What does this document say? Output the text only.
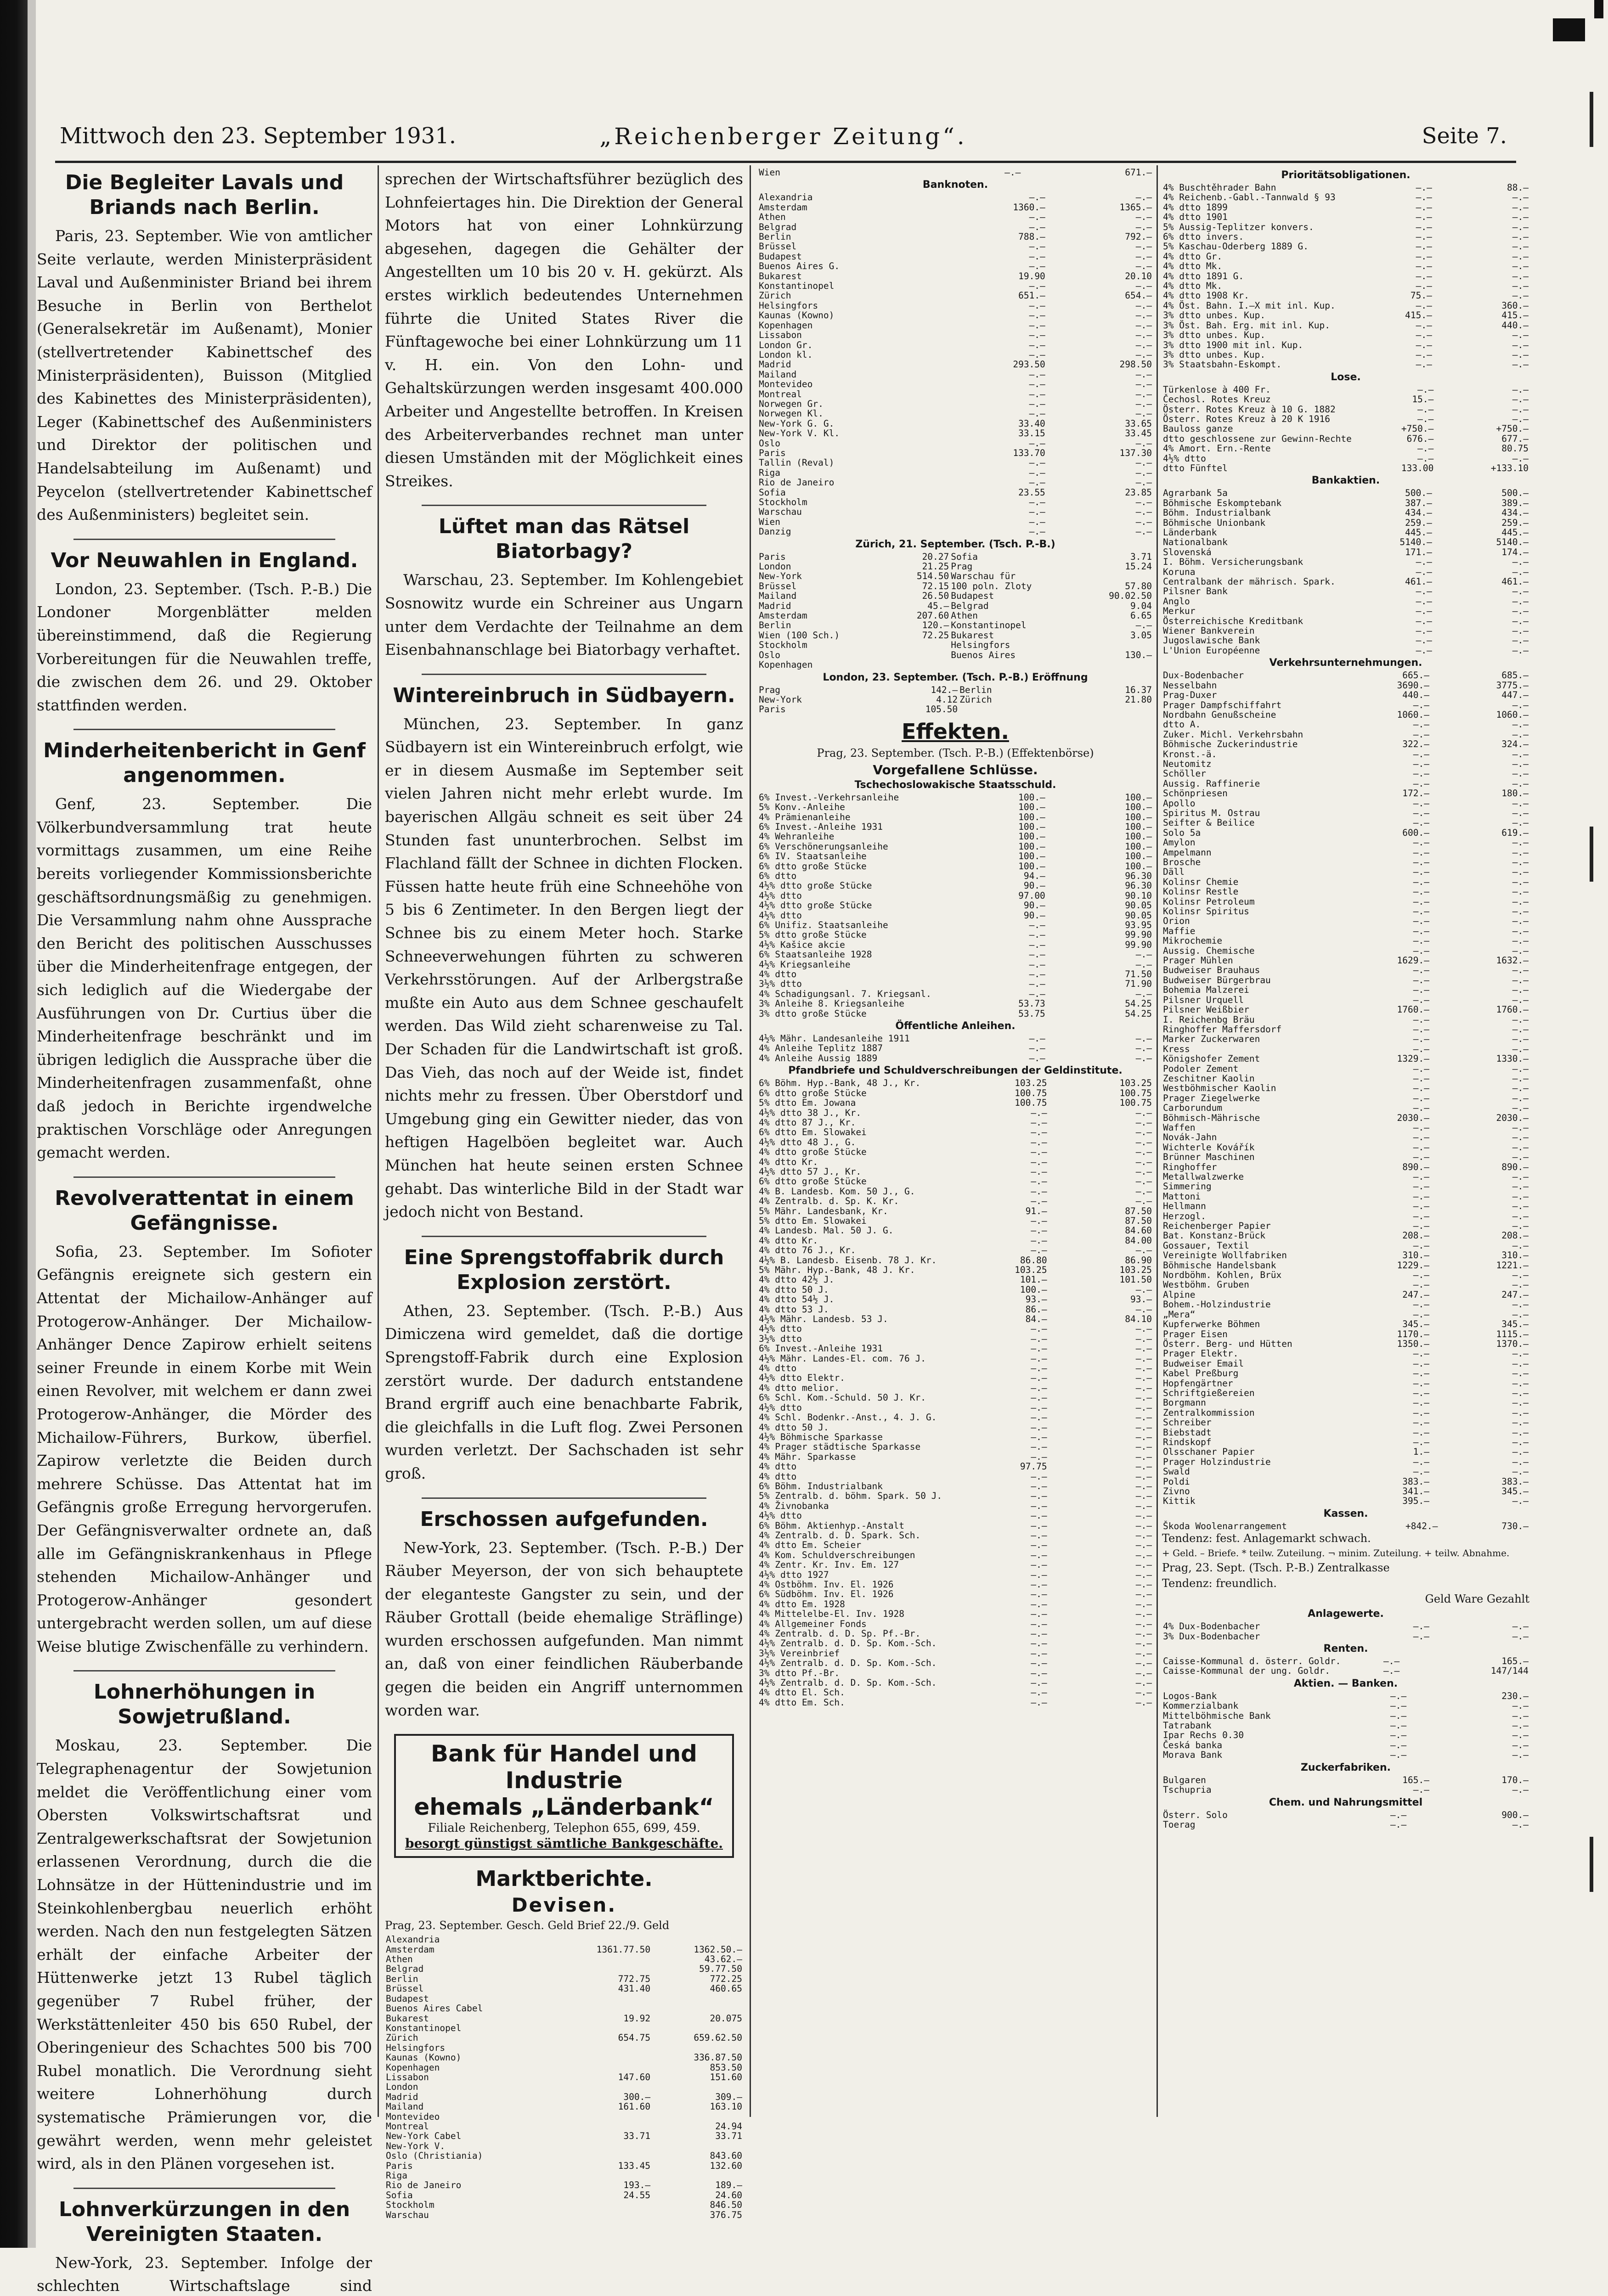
Mittwoch den 23. September 1931.	„Reichenberger Zeitung“.	Seite 7.
Die Begleiter Lavals und Briands nach Berlin.

Paris, 23. September. Wie von amtlicher Seite verlaute, werden Ministerpräsident Laval und Außenminister Briand bei ihrem Besuche in Berlin von Berthelot (Generalsekretär im Außenamt), Monier (stellvertretender Kabinettschef des Ministerpräsidenten), Buisson (Mitglied des Kabinettes des Ministerpräsidenten), Leger (Kabinettschef des Außenministers und Direktor der politischen und Handelsabteilung im Außenamt) und Peycelon (stellvertretender Kabinettschef des Außenministers) begleitet sein.

Vor Neuwahlen in England.

London, 23. September. (Tsch. P.-B.) Die Londoner Morgenblätter melden übereinstimmend, daß die Regierung Vorbereitungen für die Neuwahlen treffe, die zwischen dem 26. und 29. Oktober stattfinden werden.

Minderheitenbericht in Genf angenommen.

Genf, 23. September. Die Völkerbundversammlung trat heute vormittags zusammen, um eine Reihe bereits vorliegender Kommissionsberichte geschäftsordnungsmäßig zu genehmigen. Die Versammlung nahm ohne Aussprache den Bericht des politischen Ausschusses über die Minderheitenfrage entgegen, der sich lediglich auf die Wiedergabe der Ausführungen von Dr. Curtius über die Minderheitenfrage beschränkt und im übrigen lediglich die Aussprache über die Minderheitenfragen zusammenfaßt, ohne daß jedoch in Berichte irgendwelche praktischen Vorschläge oder Anregungen gemacht werden.

Revolverattentat in einem Gefängnisse.

Sofia, 23. September. Im Sofioter Gefängnis ereignete sich gestern ein Attentat der Michailow-Anhänger auf Protogerow-Anhänger. Der Michailow-Anhänger Dence Zapirow erhielt seitens seiner Freunde in einem Korbe mit Wein einen Revolver, mit welchem er dann zwei Protogerow-Anhänger, die Mörder des Michailow-Führers, Burkow, überfiel. Zapirow verletzte die Beiden durch mehrere Schüsse. Das Attentat hat im Gefängnis große Erregung hervorgerufen. Der Gefängnisverwalter ordnete an, daß alle im Gefängniskrankenhaus in Pflege stehenden Michailow-Anhänger und Protogerow-Anhänger gesondert untergebracht werden sollen, um auf diese Weise blutige Zwischenfälle zu verhindern.

Lohnerhöhungen in Sowjetrußland.

Moskau, 23. September. Die Telegraphenagentur der Sowjetunion meldet die Veröffentlichung einer vom Obersten Volkswirtschaftsrat und Zentralgewerkschaftsrat der Sowjetunion erlassenen Verordnung, durch die die Lohnsätze in der Hüttenindustrie und im Steinkohlenbergbau neuerlich erhöht werden. Nach den nun festgelegten Sätzen erhält der einfache Arbeiter der Hüttenwerke jetzt 13 Rubel täglich gegenüber 7 Rubel früher, der Werkstättenleiter 450 bis 650 Rubel, der Oberingenieur des Schachtes 500 bis 700 Rubel monatlich. Die Verordnung sieht weitere Lohnerhöhung durch systematische Prämierungen vor, die gewährt werden, wenn mehr geleistet wird, als in den Plänen vorgesehen ist.

Lohnverkürzungen in den Vereinigten Staaten.

New-York, 23. September. Infolge der schlechten Wirtschaftslage sind

sprechen der Wirtschaftsführer bezüglich des Lohnfeiertages hin. Die Direktion der General Motors hat von einer Lohnkürzung abgesehen, dagegen die Gehälter der Angestellten um 10 bis 20 v. H. gekürzt. Als erstes wirklich bedeutendes Unternehmen führte die United States River die Fünftagewoche bei einer Lohnkürzung um 11 v. H. ein. Von den Lohn- und Gehaltskürzungen werden insgesamt 400.000 Arbeiter und Angestellte betroffen. In Kreisen des Arbeiterverbandes rechnet man unter diesen Umständen mit der Möglichkeit eines Streikes.

Lüftet man das Rätsel Biatorbagy?

Warschau, 23. September. Im Kohlengebiet Sosnowitz wurde ein Schreiner aus Ungarn unter dem Verdachte der Teilnahme an dem Eisenbahnanschlage bei Biatorbagy verhaftet.

Wintereinbruch in Südbayern.

München, 23. September. In ganz Südbayern ist ein Wintereinbruch erfolgt, wie er in diesem Ausmaße im September seit vielen Jahren nicht mehr erlebt wurde. Im bayerischen Allgäu schneit es seit über 24 Stunden fast ununterbrochen. Selbst im Flachland fällt der Schnee in dichten Flocken. Füssen hatte heute früh eine Schneehöhe von 5 bis 6 Zentimeter. In den Bergen liegt der Schnee bis zu einem Meter hoch. Starke Schneeverwehungen führten zu schweren Verkehrsstörungen. Auf der Arlbergstraße mußte ein Auto aus dem Schnee geschaufelt werden. Das Wild zieht scharenweise zu Tal. Der Schaden für die Landwirtschaft ist groß. Das Vieh, das noch auf der Weide ist, findet nichts mehr zu fressen. Über Oberstdorf und Umgebung ging ein Gewitter nieder, das von heftigen Hagelböen begleitet war. Auch München hat heute seinen ersten Schnee gehabt. Das winterliche Bild in der Stadt war jedoch nicht von Bestand.

Eine Sprengstoffabrik durch Explosion zerstört.

Athen, 23. September. (Tsch. P.-B.) Aus Dimiczena wird gemeldet, daß die dortige Sprengstoff-Fabrik durch eine Explosion zerstört wurde. Der dadurch entstandene Brand ergriff auch eine benachbarte Fabrik, die gleichfalls in die Luft flog. Zwei Personen wurden verletzt. Der Sachschaden ist sehr groß.

Erschossen aufgefunden.

New-York, 23. September. (Tsch. P.-B.) Der Räuber Meyerson, der von sich behauptete der eleganteste Gangster zu sein, und der Räuber Grottall (beide ehemalige Sträflinge) wurden erschossen aufgefunden. Man nimmt an, daß von einer feindlichen Räuberbande gegen die beiden ein Angriff unternommen worden war.

Bank für Handel und Industrie
ehemals „Länderbank“
Filiale Reichenberg, Telephon 655, 699, 459.
besorgt günstigst sämtliche Bankgeschäfte.
Marktberichte.
Devisen.
Prag, 23. September. Gesch. Geld Brief 22./9. Geld
Alexandria		
Amsterdam	1361.77.50	1362.50.—
Athen		43.62.—
Belgrad		59.77.50
Berlin	772.75	772.25
Brüssel	431.40	460.65
Budapest		
Buenos Aires Cabel		
Bukarest	19.92	20.075
Konstantinopel		
Zürich	654.75	659.62.50
Helsingfors		
Kaunas (Kowno)		336.87.50
Kopenhagen		853.50
Lissabon	147.60	151.60
London		
Madrid	300.—	309.—
Mailand	161.60	163.10
Montevideo		
Montreal		24.94
New-York Cabel	33.71	33.71
New-York V.		
Oslo (Christiania)		843.60
Paris	133.45	132.60
Riga		
Rio de Janeiro	193.—	189.—
Sofia	24.55	24.60
Stockholm		846.50
Warschau		376.75
Wien	—.—	671.—
Banknoten.
Alexandria	—.—	—.—
Amsterdam	1360.—	1365.—
Athen	—.—	—.—
Belgrad	—.—	—.—
Berlin	788.—	792.—
Brüssel	—.—	—.—
Budapest	—.—	—.—
Buenos Aires G.	—.—	—.—
Bukarest	19.90	20.10
Konstantinopel	—.—	—.—
Zürich	651.—	654.—
Helsingfors	—.—	—.—
Kaunas (Kowno)	—.—	—.—
Kopenhagen	—.—	—.—
Lissabon	—.—	—.—
London Gr.	—.—	—.—
London kl.	—.—	—.—
Madrid	293.50	298.50
Mailand	—.—	—.—
Montevideo	—.—	—.—
Montreal	—.—	—.—
Norwegen Gr.	—.—	—.—
Norwegen Kl.	—.—	—.—
New-York G. G.	33.40	33.65
New-York V. Kl.	33.15	33.45
Oslo	—.—	—.—
Paris	133.70	137.30
Tallin (Reval)	—.—	—.—
Riga	—.—	—.—
Rio de Janeiro	—.—	—.—
Sofia	23.55	23.85
Stockholm	—.—	—.—
Warschau	—.—	—.—
Wien	—.—	—.—
Danzig	—.—	—.—
Zürich, 21. September. (Tsch. P.-B.)
Paris	20.27	Sofia	3.71
London	21.25	Prag	15.24
New-York	514.50	Warschau für	
Brüssel	72.15	100 poln. Zloty	57.80
Mailand	26.50	Budapest	90.02.50
Madrid	45.—	Belgrad	9.04
Amsterdam	207.60	Athen	6.65
Berlin	120.—	Konstantinopel	—.—
Wien (100 Sch.)	72.25	Bukarest	3.05
Stockholm		Helsingfors	
Oslo		Buenos Aires	130.—
Kopenhagen			
London, 23. September. (Tsch. P.-B.) Eröffnung
Prag	142.—	Berlin	16.37
New-York	4.12	Zürich	21.80
Paris	105.50		
Effekten.
Prag, 23. September. (Tsch. P.-B.) (Effektenbörse)
Vorgefallene Schlüsse.
Tschechoslowakische Staatsschuld.
6% Invest.-Verkehrsanleihe	100.—	100.—
5% Konv.-Anleihe	100.—	100.—
4% Prämienanleihe	100.—	100.—
6% Invest.-Anleihe 1931	100.—	100.—
4% Wehranleihe	100.—	100.—
6% Verschönerungsanleihe	100.—	100.—
6% IV. Staatsanleihe	100.—	100.—
6% dtto große Stücke	100.—	100.—
6% dtto	94.—	96.30
4½% dtto große Stücke	90.—	96.30
4½% dtto	97.00	90.10
4½% dtto große Stücke	90.—	90.05
4½% dtto	90.—	90.05
6% Unifiz. Staatsanleihe	—.—	93.95
5% dtto große Stücke	—.—	99.90
4½% Kašice akcie	—.—	99.90
6% Staatsanleihe 1928	—.—	—.—
4½% Kriegsanleihe	—.—	—.—
4% dtto	—.—	71.50
3½% dtto	—.—	71.90
4% Schadigungsanl. 7. Kriegsanl.	—.—	—.—
3% Anleihe 8. Kriegsanleihe	53.73	54.25
3% dtto große Stücke	53.75	54.25
Öffentliche Anleihen.
4½% Mähr. Landesanleihe 1911	—.—	—.—
4% Anleihe Teplitz 1887	—.—	—.—
4% Anleihe Aussig 1889	—.—	—.—
Pfandbriefe und Schuldverschreibungen der Geldinstitute.
6% Böhm. Hyp.-Bank, 48 J., Kr.	103.25	103.25
6% dtto große Stücke	100.75	100.75
5% dtto Em. Jowana	100.75	100.75
4½% dtto 38 J., Kr.	—.—	—.—
4% dtto 87 J., Kr.	—.—	—.—
6% dtto Em. Slowakei	—.—	—.—
4½% dtto 48 J., G.	—.—	—.—
4% dtto große Stücke	—.—	—.—
4% dtto Kr.	—.—	—.—
4½% dtto 57 J., Kr.	—.—	—.—
6% dtto große Stücke	—.—	—.—
4% B. Landesb. Kom. 50 J., G.	—.—	—.—
4% Zentralb. d. Sp. K. Kr.	—.—	—.—
5% Mähr. Landesbank, Kr.	91.—	87.50
5% dtto Em. Slowakei	—.—	87.50
4% Landesb. Mal. 50 J. G.	—.—	84.60
4% dtto Kr.	—.—	84.00
4% dtto 76 J., Kr.	—.—	—.—
4½% B. Landesb. Eisenb. 78 J. Kr.	86.80	86.90
5% Mähr. Hyp.-Bank, 48 J. Kr.	103.25	103.25
4% dtto 42½ J.	101.—	101.50
4% dtto 50 J.	100.—	—.—
4% dtto 54½ J.	93.—	93.—
4% dtto 53 J.	86.—	—.—
4½% Mähr. Landesb. 53 J.	84.—	84.10
4½% dtto	—.—	—.—
3½% dtto	—.—	—.—
6% Invest.-Anleihe 1931	—.—	—.—
4½% Mähr. Landes-El. com. 76 J.	—.—	—.—
4% dtto	—.—	—.—
4½% dtto Elektr.	—.—	—.—
4% dtto melior.	—.—	—.—
6% Schl. Kom.-Schuld. 50 J. Kr.	—.—	—.—
4½% dtto	—.—	—.—
4% Schl. Bodenkr.-Anst., 4. J. G.	—.—	—.—
4% dtto 50 J.	—.—	—.—
4½% Böhmische Sparkasse	—.—	—.—
4% Prager städtische Sparkasse	—.—	—.—
4% Mähr. Sparkasse	—.—	—.—
4% dtto	97.75	—.—
4% dtto	—.—	—.—
6% Böhm. Industrialbank	—.—	—.—
5% Zentralb. d. böhm. Spark. 50 J.	—.—	—.—
4% Živnobanka	—.—	—.—
4½% dtto	—.—	—.—
6% Böhm. Aktienhyp.-Anstalt	—.—	—.—
4% Zentralb. d. D. Spark. Sch.	—.—	—.—
4% dtto Em. Scheier	—.—	—.—
4% Kom. Schuldverschreibungen	—.—	—.—
4% Zentr. Kr. Inv. Em. 127	—.—	—.—
4½% dtto 1927	—.—	—.—
4% Ostböhm. Inv. El. 1926	—.—	—.—
6% Südböhm. Inv. El. 1926	—.—	—.—
4% dtto Em. 1928	—.—	—.—
4% Mittelelbe-El. Inv. 1928	—.—	—.—
4% Allgemeiner Fonds	—.—	—.—
4% Zentralb. d. D. Sp. Pf.-Br.	—.—	—.—
4½% Zentralb. d. D. Sp. Kom.-Sch.	—.—	—.—
3½% Vereinbrief	—.—	—.—
4½% Zentralb. d. D. Sp. Kom.-Sch.	—.—	—.—
3% dtto Pf.-Br.	—.—	—.—
4½% Zentralb. d. D. Sp. Kom.-Sch.	—.—	—.—
4% dtto El. Sch.	—.—	—.—
4% dtto Em. Sch.	—.—	—.—
Prioritätsobligationen.
4% Buschtěhrader Bahn	—.—	88.—
4% Reichenb.-Gabl.-Tannwald § 93	—.—	—.—
4% dtto 1899	—.—	—.—
4% dtto 1901	—.—	—.—
5% Aussig-Teplitzer konvers.	—.—	—.—
6% dtto invers.	—.—	—.—
5% Kaschau-Oderberg 1889 G.	—.—	—.—
4% dtto Gr.	—.—	—.—
4% dtto Mk.	—.—	—.—
4% dtto 1891 G.	—.—	—.—
4% dtto Mk.	—.—	—.—
4% dtto 1908 Kr.	75.—	—.—
4% Öst. Bahn. I.–X mit inl. Kup.	—.—	360.—
3% dtto unbes. Kup.	415.—	415.—
3% Öst. Bah. Erg. mit inl. Kup.	—.—	440.—
3% dtto unbes. Kup.	—.—	—.—
3% dtto 1900 mit inl. Kup.	—.—	—.—
3% dtto unbes. Kup.	—.—	—.—
3% Staatsbahn-Eskompt.	—.—	—.—
Lose.
Türkenlose à 400 Fr.	—.—	—.—
Čechosl. Rotes Kreuz	15.—	—.—
Österr. Rotes Kreuz à 10 G. 1882	—.—	—.—
Österr. Rotes Kreuz à 20 K 1916	—.—	—.—
Bauloss ganze	+750.—	+750.—
dtto geschlossene zur Gewinn-Rechte	676.—	677.—
4% Amort. Ern.-Rente	—.—	80.75
4½% dtto	—.—	—.—
dtto Fünftel	133.00	+133.10
Bankaktien.
Agrarbank 5a	500.—	500.—
Böhmische Eskomptebank	387.—	389.—
Böhm. Industrialbank	434.—	434.—
Böhmische Unionbank	259.—	259.—
Länderbank	445.—	445.—
Nationalbank	5140.—	5140.—
Slovenská	171.—	174.—
I. Böhm. Versicherungsbank	—.—	—.—
Koruna	—.—	—.—
Centralbank der mährisch. Spark.	461.—	461.—
Pilsner Bank	—.—	—.—
Anglo	—.—	—.—
Merkur	—.—	—.—
Österreichische Kreditbank	—.—	—.—
Wiener Bankverein	—.—	—.—
Jugoslawische Bank	—.—	—.—
L'Union Européenne	—.—	—.—
Verkehrsunternehmungen.
Dux-Bodenbacher	665.—	685.—
Nesselbahn	3690.—	3775.—
Prag-Duxer	440.—	447.—
Prager Dampfschiffahrt	—.—	—.—
Nordbahn Genußscheine	1060.—	1060.—
dtto A.	—.—	—.—
Zuker. Michl. Verkehrsbahn	—.—	—.—
Böhmische Zuckerindustrie	322.—	324.—
Kronst.-ä.	—.—	—.—
Neutomitz	—.—	—.—
Schöller	—.—	—.—
Aussig. Raffinerie	—.—	—.—
Schönpriesen	172.—	180.—
Apollo	—.—	—.—
Spiritus M. Ostrau	—.—	—.—
Seifter & Beilice	—.—	—.—
Solo 5a	600.—	619.—
Amylon	—.—	—.—
Ampelmann	—.—	—.—
Brosche	—.—	—.—
Däll	—.—	—.—
Kolinsr Chemie	—.—	—.—
Kolinsr Restle	—.—	—.—
Kolinsr Petroleum	—.—	—.—
Kolinsr Spiritus	—.—	—.—
Orion	—.—	—.—
Maffie	—.—	—.—
Mikrochemie	—.—	—.—
Aussig. Chemische	—.—	—.—
Prager Mühlen	1629.—	1632.—
Budweiser Brauhaus	—.—	—.—
Budweiser Bürgerbrau	—.—	—.—
Bohemia Malzerei	—.—	—.—
Pilsner Urquell	—.—	—.—
Pilsner Weißbier	1760.—	1760.—
I. Reichenbg Bräu	—.—	—.—
Ringhoffer Maffersdorf	—.—	—.—
Marker Zuckerwaren	—.—	—.—
Kress	—.—	—.—
Königshofer Zement	1329.—	1330.—
Podoler Zement	—.—	—.—
Zeschitner Kaolin	—.—	—.—
Westböhmischer Kaolin	—.—	—.—
Prager Ziegelwerke	—.—	—.—
Carborundum	—.—	—.—
Böhmisch-Mährische	2030.—	2030.—
Waffen	—.—	—.—
Novák-Jahn	—.—	—.—
Wichterle Kovářík	—.—	—.—
Brünner Maschinen	—.—	—.—
Ringhoffer	890.—	890.—
Metallwalzwerke	—.—	—.—
Simmering	—.—	—.—
Mattoni	—.—	—.—
Hellmann	—.—	—.—
Herzogl.	—.—	—.—
Reichenberger Papier	—.—	—.—
Bat. Konstanz-Brück	208.—	208.—
Gossauer, Textil	—.—	—.—
Vereinigte Wollfabriken	310.—	310.—
Böhmische Handelsbank	1229.—	1221.—
Nordböhm. Kohlen, Brüx	—.—	—.—
Westböhm. Gruben	—.—	—.—
Alpine	247.—	247.—
Bohem.-Holzindustrie	—.—	—.—
„Mera“	—.—	—.—
Kupferwerke Böhmen	345.—	345.—
Prager Eisen	1170.—	1115.—
Österr. Berg- und Hütten	1350.—	1370.—
Prager Elektr.	—.—	—.—
Budweiser Email	—.—	—.—
Kabel Preßburg	—.—	—.—
Hopfengärtner	—.—	—.—
Schriftgießereien	—.—	—.—
Borgmann	—.—	—.—
Zentralkommission	—.—	—.—
Schreiber	—.—	—.—
Biebstadt	—.—	—.—
Rindskopf	—.—	—.—
Olsschaner Papier	1.—	—.—
Prager Holzindustrie	—.—	—.—
Swald	—.—	—.—
Poldi	383.—	383.—
Zivno	341.—	345.—
Kittik	395.—	—.—
Kassen.
Škoda Woolenarrangement	+842.—	730.—
Tendenz: fest. Anlagemarkt schwach.
+ Geld. – Briefe. * teilw. Zuteilung. ¬ minim. Zuteilung. + teilw. Abnahme.
Prag, 23. Sept. (Tsch. P.-B.) Zentralkasse
Tendenz: freundlich.
Geld Ware Gezahlt
Anlagewerte.
4% Dux-Bodenbacher	—.—	—.—
3% Dux-Bodenbacher	—.—	—.—
Renten.
Caisse-Kommunal d. österr. Goldr.	—.—	165.—
Caisse-Kommunal der ung. Goldr.	—.—	147/144
Aktien. — Banken.
Logos-Bank	—.—	230.—
Kommerzialbank	—.—	—.—
Mittelböhmische Bank	—.—	—.—
Tatrabank	—.—	—.—
Ipar Rechs 0.30	—.—	—.—
Česká banka	—.—	—.—
Morava Bank	—.—	—.—
Zuckerfabriken.
Bulgaren	165.—	170.—
Tschupria	—.—	—.—
Chem. und Nahrungsmittel
Österr. Solo	—.—	900.—
Toerag	—.—	—.—
